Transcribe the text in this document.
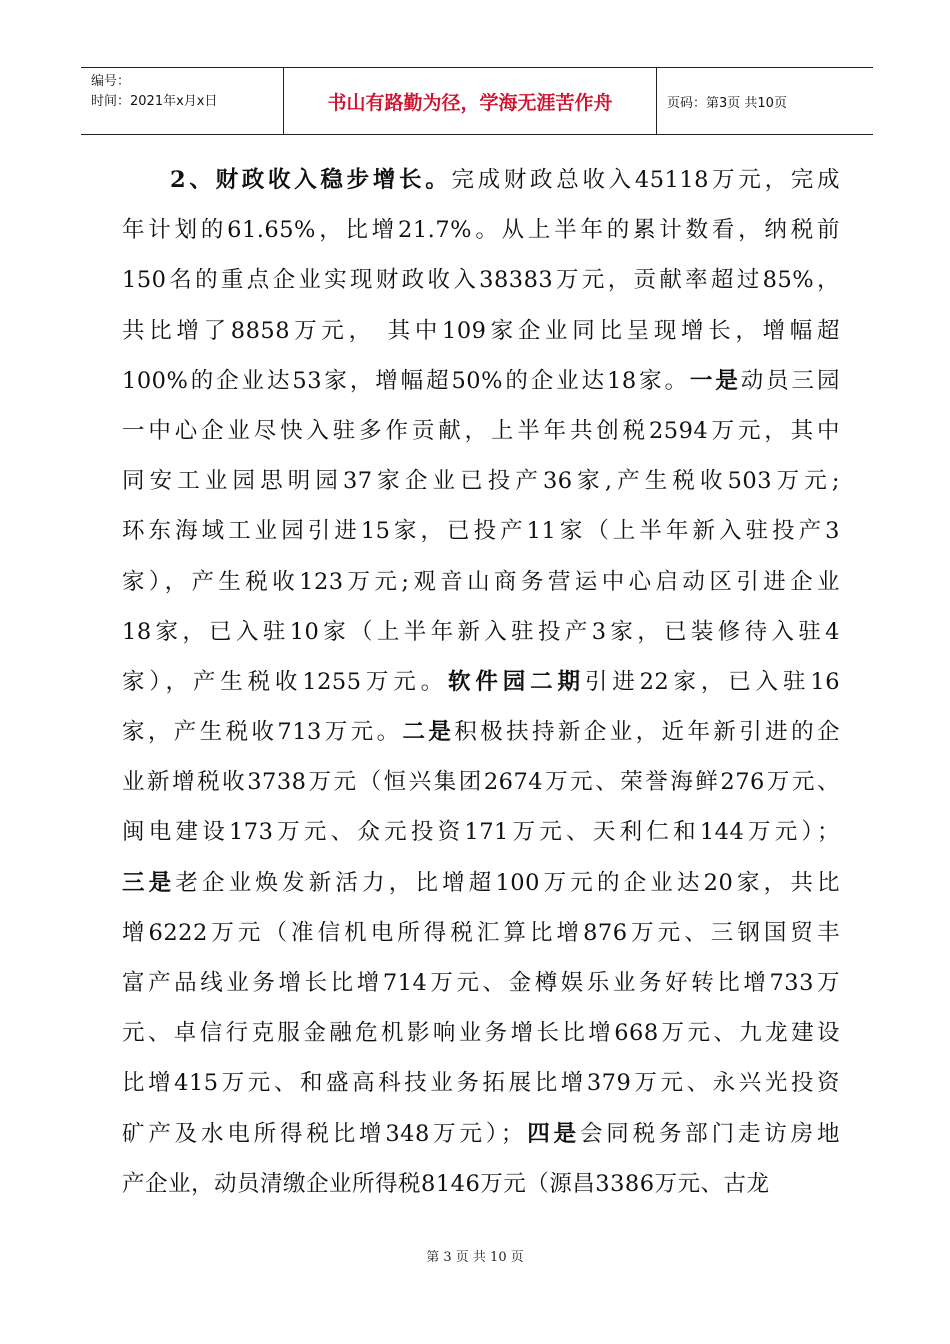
编号：
时间：2021年x月x日	书山有路勤为径，学海无涯苦作舟	页码：第3页 共10页
2、财政收入稳步增长。完成财政总收入45118万元，完成
年计划的61.65%，比增21.7%。从上半年的累计数看，纳税前
150名的重点企业实现财政收入38383万元，贡献率超过85%，
共比增了8858万元， 其中109家企业同比呈现增长，增幅超
100%的企业达53家，增幅超50%的企业达18家。一是动员三园
一中心企业尽快入驻多作贡献，上半年共创税2594万元，其中
同安工业园思明园37家企业已投产36家,产生税收503万元;
环东海域工业园引进15家，已投产11家（上半年新入驻投产3
家），产生税收123万元;观音山商务营运中心启动区引进企业
18家，已入驻10家（上半年新入驻投产3家，已装修待入驻4
家），产生税收1255万元。软件园二期引进22家，已入驻16
家，产生税收713万元。二是积极扶持新企业，近年新引进的企
业新增税收3738万元（恒兴集团2674万元、荣誉海鲜276万元、
闽电建设173万元、众元投资171万元、天利仁和144万元）；
三是老企业焕发新活力，比增超100万元的企业达20家，共比
增6222万元（准信机电所得税汇算比增876万元、三钢国贸丰
富产品线业务增长比增714万元、金樽娱乐业务好转比增733万
元、卓信行克服金融危机影响业务增长比增668万元、九龙建设
比增415万元、和盛高科技业务拓展比增379万元、永兴光投资
矿产及水电所得税比增348万元）；四是会同税务部门走访房地
产企业，动员清缴企业所得税8146万元（源昌3386万元、古龙
第 3 页 共 10 页
